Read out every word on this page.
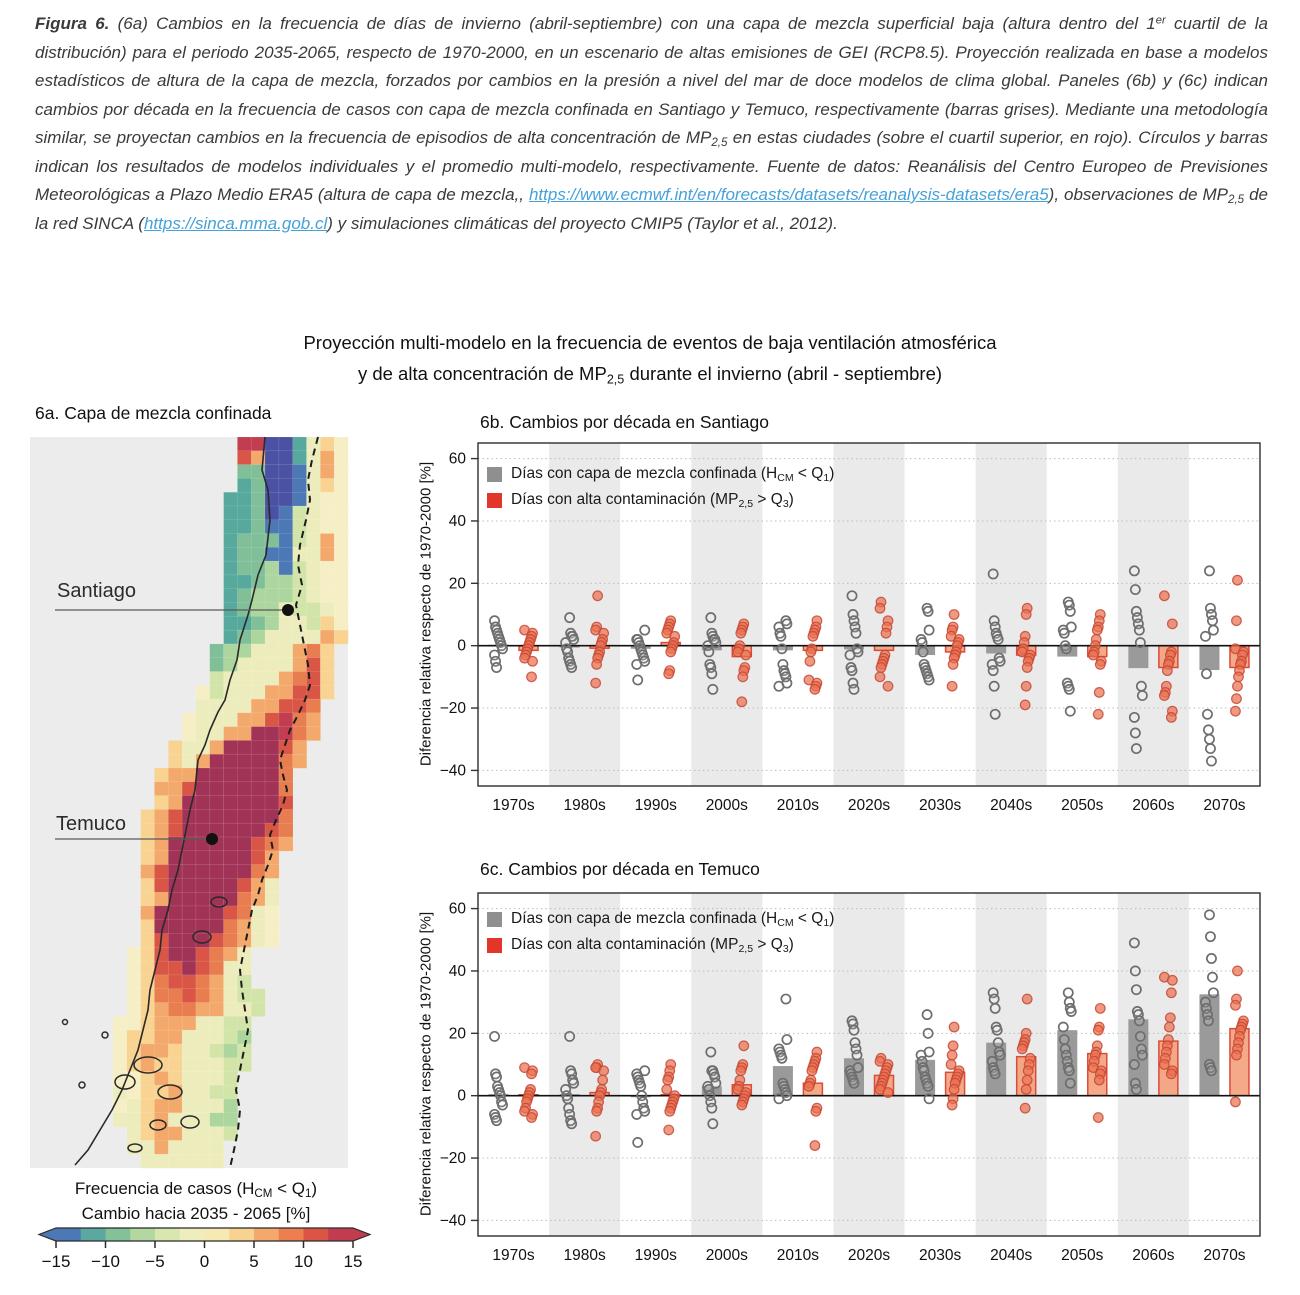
Figura 6. (6a) Cambios en la frecuencia de días de invierno (abril-septiembre) con una capa de mezcla superficial baja (altura dentro del 1er cuartil de la distribución) para el periodo 2035-2065, respecto de 1970-2000, en un escenario de altas emisiones de GEI (RCP8.5). Proyección realizada en base a modelos estadísticos de altura de la capa de mezcla, forzados por cambios en la presión a nivel del mar de doce modelos de clima global. Paneles (6b) y (6c) indican cambios por década en la frecuencia de casos con capa de mezcla confinada en Santiago y Temuco, respectivamente (barras grises). Mediante una metodología similar, se proyectan cambios en la frecuencia de episodios de alta concentración de $MP_{2,5}$ en estas ciudades (sobre el cuartil superior, en rojo). Círculos y barras indican los resultados de modelos individuales y el promedio multi-modelo, respectivamente. Fuente de datos: Reanálisis del Centro Europeo de Previsiones Meteorológicas a Plazo Medio ERA5 (altura de capa de mezcla,, https://www.ecmwf.int/en/forecasts/datasets/reanalysis-datasets/era5), observaciones de $MP_{2,5}$ de la red SINCA (https://sinca.mma.gob.cl) y simulaciones climáticas del proyecto CMIP5 (Taylor et al., 2012).

Proyección multi-modelo en la frecuencia de eventos de baja ventilación atmosférica
y de alta concentración de $MP_{2,5}$ durante el invierno (abril - septiembre)
6a. Capa de mezcla confinada	6b. Cambios por década en Santiago
6c. Cambios por década en Temuco
Santiago
Temuco
Diferencia relativa respecto de 1970-2000 [%]
Diferencia relativa respecto de 1970-2000 [%]
Días con capa de mezcla confinada $(H_{CM} < Q_1)$
Días con alta contaminación $(MP_{2,5} > Q_3)$
Días con capa de mezcla confinada $(H_{CM} < Q_1)$
Días con alta contaminación $(MP_{2,5} > Q_3)$
Frecuencia de casos $(H_{CM} < Q_1)$
Cambio hacia 2035 - 2065 [%]
−15 −10 −5 0 5 10 15
60
40
20
0
−20
−40
1970s 1980s 1990s 2000s 2010s 2020s 2030s 2040s 2050s 2060s 2070s
60
40
20
0
−20
−40
1970s 1980s 1990s 2000s 2010s 2020s 2030s 2040s 2050s 2060s 2070s
